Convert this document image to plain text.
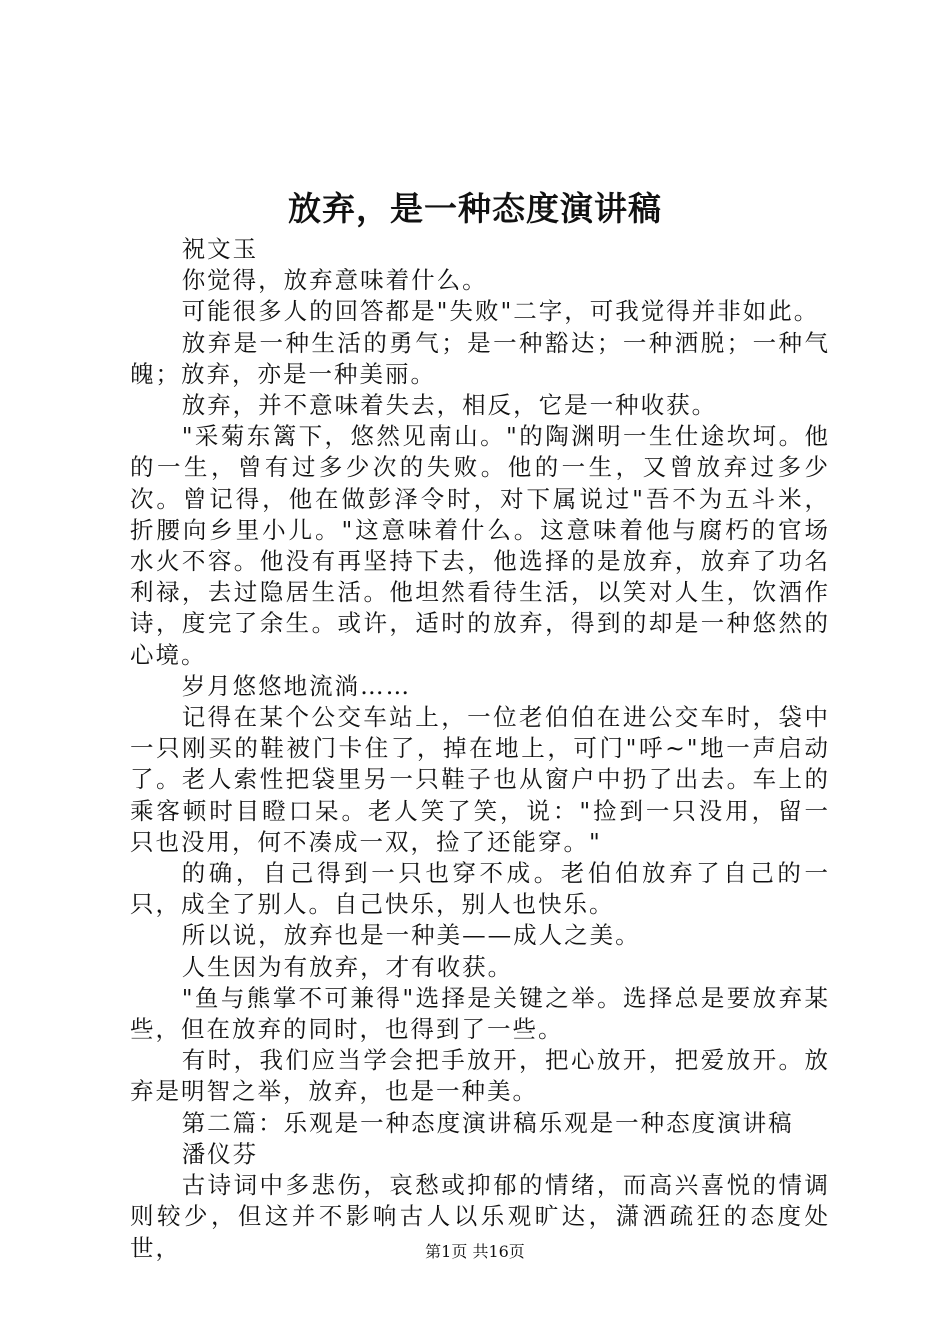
放弃，是一种态度演讲稿

祝文玉

你觉得，放弃意味着什么。

可能很多人的回答都是"失败"二字，可我觉得并非如此。

放弃是一种生活的勇气；是一种豁达；一种洒脱；一种气魄；放弃，亦是一种美丽。

放弃，并不意味着失去，相反，它是一种收获。

"采菊东篱下，悠然见南山。"的陶渊明一生仕途坎坷。他的一生，曾有过多少次的失败。他的一生，又曾放弃过多少次。曾记得，他在做彭泽令时，对下属说过"吾不为五斗米，折腰向乡里小儿。"这意味着什么。这意味着他与腐朽的官场水火不容。他没有再坚持下去，他选择的是放弃，放弃了功名利禄，去过隐居生活。他坦然看待生活，以笑对人生，饮酒作诗，度完了余生。或许，适时的放弃，得到的却是一种悠然的心境。

岁月悠悠地流淌……

记得在某个公交车站上，一位老伯伯在进公交车时，袋中一只刚买的鞋被门卡住了，掉在地上，可门"呼~"地一声启动了。老人索性把袋里另一只鞋子也从窗户中扔了出去。车上的乘客顿时目瞪口呆。老人笑了笑，说："捡到一只没用，留一只也没用，何不凑成一双，捡了还能穿。"

的确，自己得到一只也穿不成。老伯伯放弃了自己的一只，成全了别人。自己快乐，别人也快乐。

所以说，放弃也是一种美——成人之美。

人生因为有放弃，才有收获。

"鱼与熊掌不可兼得"选择是关键之举。选择总是要放弃某些，但在放弃的同时，也得到了一些。

有时，我们应当学会把手放开，把心放开，把爱放开。放弃是明智之举，放弃，也是一种美。

第二篇：乐观是一种态度演讲稿乐观是一种态度演讲稿

潘仪芬

古诗词中多悲伤，哀愁或抑郁的情绪，而高兴喜悦的情调则较少，但这并不影响古人以乐观旷达，潇洒疏狂的态度处世，	第1页 共16页
